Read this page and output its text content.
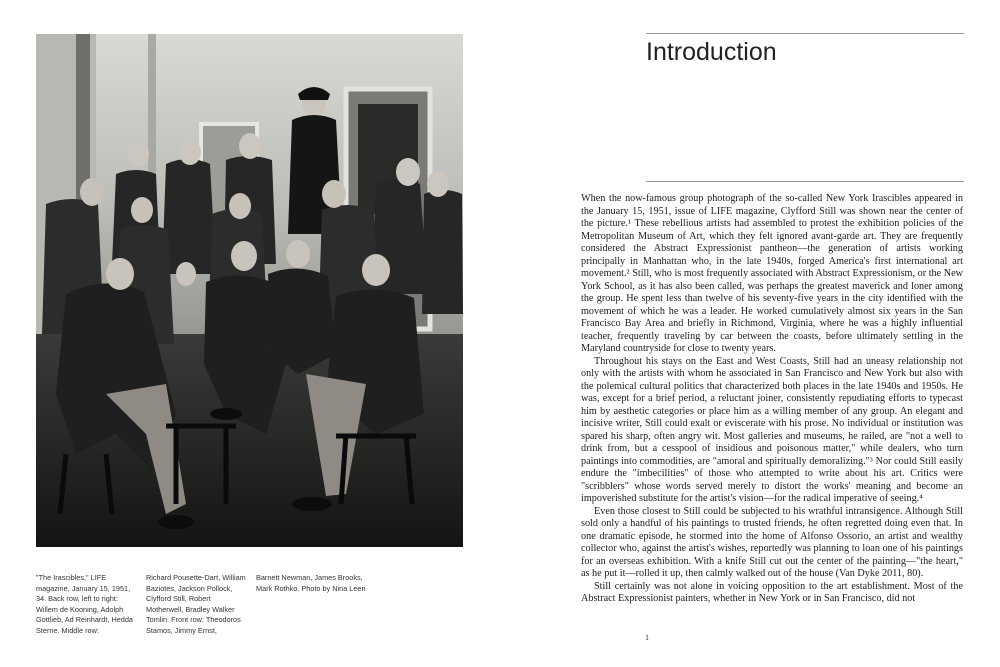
"The Irascibles," LIFE magazine, January 15, 1951, 34. Back row, left to right: Willem de Kooning, Adolph Gottlieb, Ad Reinhardt, Hedda Sterne. Middle row:
Richard Pousette-Dart, William Baziotes, Jackson Pollock, Clyfford Still, Robert Motherwell, Bradley Walker Tomlin. Front row: Theodoros Stamos, Jimmy Ernst,
Barnett Newman, James Brooks, Mark Rothko. Photo by Nina Leen
Introduction

When the now-famous group photograph of the so-called New York Irascibles appeared in the January 15, 1951, issue of LIFE magazine, Clyfford Still was shown near the center of the picture.¹ These rebellious artists had assembled to protest the exhibition policies of the Metropolitan Museum of Art, which they felt ignored avant-garde art. They are frequently considered the Abstract Expressionist pantheon—the generation of artists working principally in Manhattan who, in the late 1940s, forged America's first international art movement.² Still, who is most frequently associated with Abstract Expressionism, or the New York School, as it has also been called, was perhaps the greatest maverick and loner among the group. He spent less than twelve of his seventy-five years in the city identified with the movement of which he was a leader. He worked cumulatively almost six years in the San Francisco Bay Area and briefly in Richmond, Virginia, where he was a highly influential teacher, frequently traveling by car between the coasts, before ultimately settling in the Maryland countryside for close to twenty years.

Throughout his stays on the East and West Coasts, Still had an uneasy relationship not only with the artists with whom he associated in San Francisco and New York but also with the polemical cultural politics that characterized both places in the late 1940s and 1950s. He was, except for a brief period, a reluctant joiner, consistently repudiating efforts to typecast him by aesthetic categories or place him as a willing member of any group. An elegant and incisive writer, Still could exalt or eviscerate with his prose. No individual or institution was spared his sharp, often angry wit. Most galleries and museums, he railed, are "not a well to drink from, but a cesspool of insidious and poisonous matter," while dealers, who turn paintings into commodities, are "amoral and spiritually demoralizing."³ Nor could Still easily endure the "imbecilities" of those who attempted to write about his art. Critics were "scribblers" whose words served merely to distort the works' meaning and become an impoverished substitute for the artist's vision—for the radical imperative of seeing.⁴

Even those closest to Still could be subjected to his wrathful intransigence. Although Still sold only a handful of his paintings to trusted friends, he often regretted doing even that. In one dramatic episode, he stormed into the home of Alfonso Ossorio, an artist and wealthy collector who, against the artist's wishes, reportedly was planning to loan one of his paintings for an overseas exhibition. With a knife Still cut out the center of the painting—"the heart," as he put it—rolled it up, then calmly walked out of the house (Van Dyke 2011, 80).

Still certainly was not alone in voicing opposition to the art establishment. Most of the Abstract Expressionist painters, whether in New York or in San Francisco, did not

1
